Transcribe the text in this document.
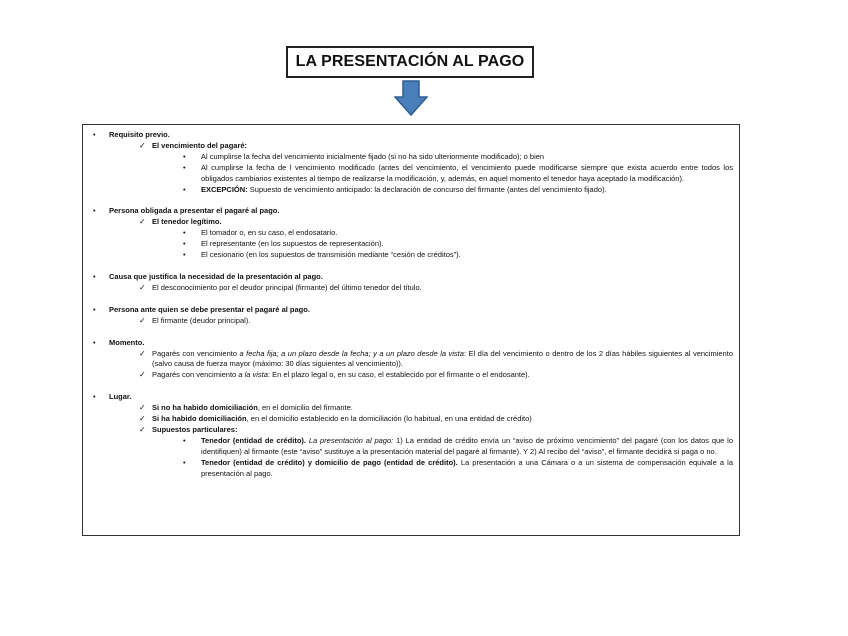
LA PRESENTACIÓN AL PAGO
•	Requisito previo.
✓ El vencimiento del pagaré:
•	Al cumplirse la fecha del vencimiento inicialmente fijado (si no ha sido ulteriormente modificado); o bien
•	Al cumplirse la fecha de l vencimiento modificado (antes del vencimiento, el vencimiento puede modificarse siempre que exista acuerdo entre todos los obligados cambiarios existentes al tiempo de realizarse la modificación, y, además, en aquel momento el tenedor haya aceptado la modificación).
•	EXCEPCIÓN: Supuesto de vencimiento anticipado: la declaración de concurso del firmante (antes del vencimiento fijado).
•	Persona obligada a presentar el pagaré al pago.
✓ El tenedor legítimo.
•	El tomador o, en su caso, el endosatario.
•	El representante (en los supuestos de representación).
•	El cesionario (en los supuestos de transmisión mediante “cesión de créditos”).
•	Causa que justifica la necesidad de la presentación al pago.
✓ El desconocimiento por el deudor principal (firmante) del último tenedor del título.
•	Persona ante quien se debe presentar el pagaré al pago.
✓ El firmante (deudor principal).
•	Momento.
✓ Pagarés con vencimiento a fecha fija; a un plazo desde la fecha; y a un plazo desde la vista: El día del vencimiento o dentro de los 2 días hábiles siguientes al vencimiento (salvo causa de fuerza mayor (máximo: 30 días siguientes al vencimiento)).
✓ Pagarés con vencimiento a la vista: En el plazo legal o, en su caso, el establecido por el firmante o el endosante).
•	Lugar.
✓ Si no ha habido domiciliación, en el domicilio del firmante.
✓ Si ha habido domiciliación, en el domicilio establecido en la domiciliación (lo habitual, en una entidad de crédito)
✓ Supuestos particulares:
•	Tenedor (entidad de crédito). La presentación al pago: 1) La entidad de crédito envía un “aviso de próximo vencimiento” del pagaré (con los datos que lo identifiquen) al firmante (este “aviso” sustituye a la presentación material del pagaré al firmante). Y 2) Al recibo del “aviso”, el firmante decidirá si paga o no.
•	Tenedor (entidad de crédito) y domicilio de pago (entidad de crédito). La presentación a una Cámara o a un sistema de compensación equivale a la presentación al pago.
